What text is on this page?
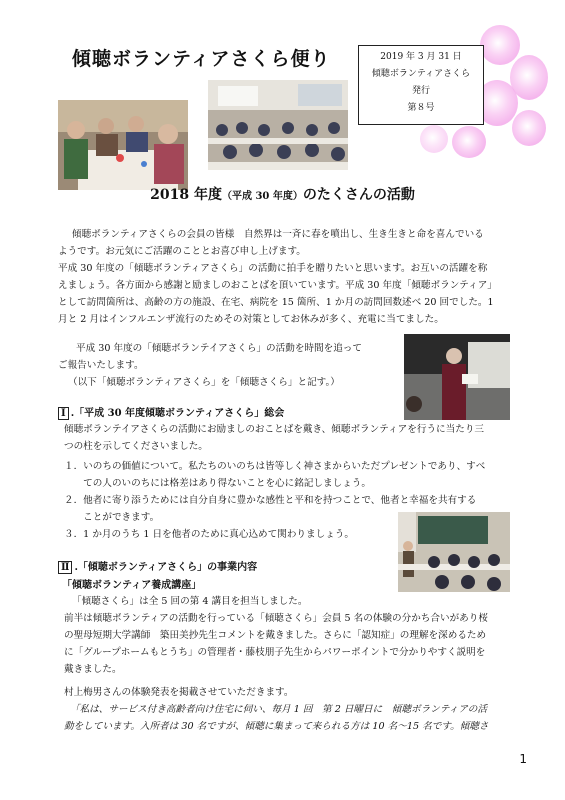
傾聴ボランティアさくら便り	2019 年 3 月 31 日
傾聴ボランティアさくら
発行
第８号
2018 年度（平成 30 年度）のたくさんの活動
傾聴ボランティアさくらの会員の皆様　自然界は一斉に春を噴出し、生き生きと命を喜んでいる
ようです。お元気にご活躍のこととお喜び申し上げます。
平成 30 年度の「傾聴ボランティアさくら」の活動に拍手を贈りたいと思います。お互いの活躍を称
えましょう。各方面から感謝と励ましのおことばを頂いています。平成 30 年度「傾聴ボランティア」
として訪問箇所は、高齢の方の施設、在宅、病院を 15 箇所、1 か月の訪問回数述べ 20 回でした。1
月と 2 月はインフルエンザ流行のためその対策としてお休みが多く、充電に当てました。
平成 30 年度の「傾聴ボランテイアさくら」の活動を時間を追って
ご報告いたします。
（以下「傾聴ボランティアさくら」を「傾聴さくら」と記す。）
Ⅰ .「平成 30 年度傾聴ボランティアさくら」総会
傾聴ボランテイアさくらの活動にお励ましのおことばを戴き、傾聴ボランティアを行うに当たり三
つの柱を示してくださいました。
１．いのちの価値について。私たちのいのちは皆等しく神さまからいただプレゼントであり、すべ
　　ての人のいのちには格差はあり得ないことを心に銘記しましょう。
２．他者に寄り添うためには自分自身に豊かな感性と平和を持つことで、他者と幸福を共有する
　　ことができます。
３．1 か月のうち 1 日を他者のために真心込めて関わりましょう。
Ⅱ .「傾聴ボランティアさくら」の事業内容
「傾聴ボランティア養成講座」
「傾聴さくら」は全 5 回の第 4 講目を担当しました。
前半は傾聴ボランティアの活動を行っている「傾聴さくら」会員 5 名の体験の分かち合いがあり桜
の聖母短期大学講師　築田美抄先生コメントを戴きました。さらに「認知症」の理解を深めるため
に「グループホームもとうち」の管理者・藤枝朋子先生からパワーポイントで分かりやすく説明を
戴きました。
村上梅男さんの体験発表を掲載させていただきます。
「私は、サービス付き高齢者向け住宅に伺い、毎月 1 回　第 2 日曜日に　傾聴ボランティアの活
動をしています。入所者は 30 名ですが、傾聴に集まって来られる方は 10 名～15 名です。傾聴さ
1
